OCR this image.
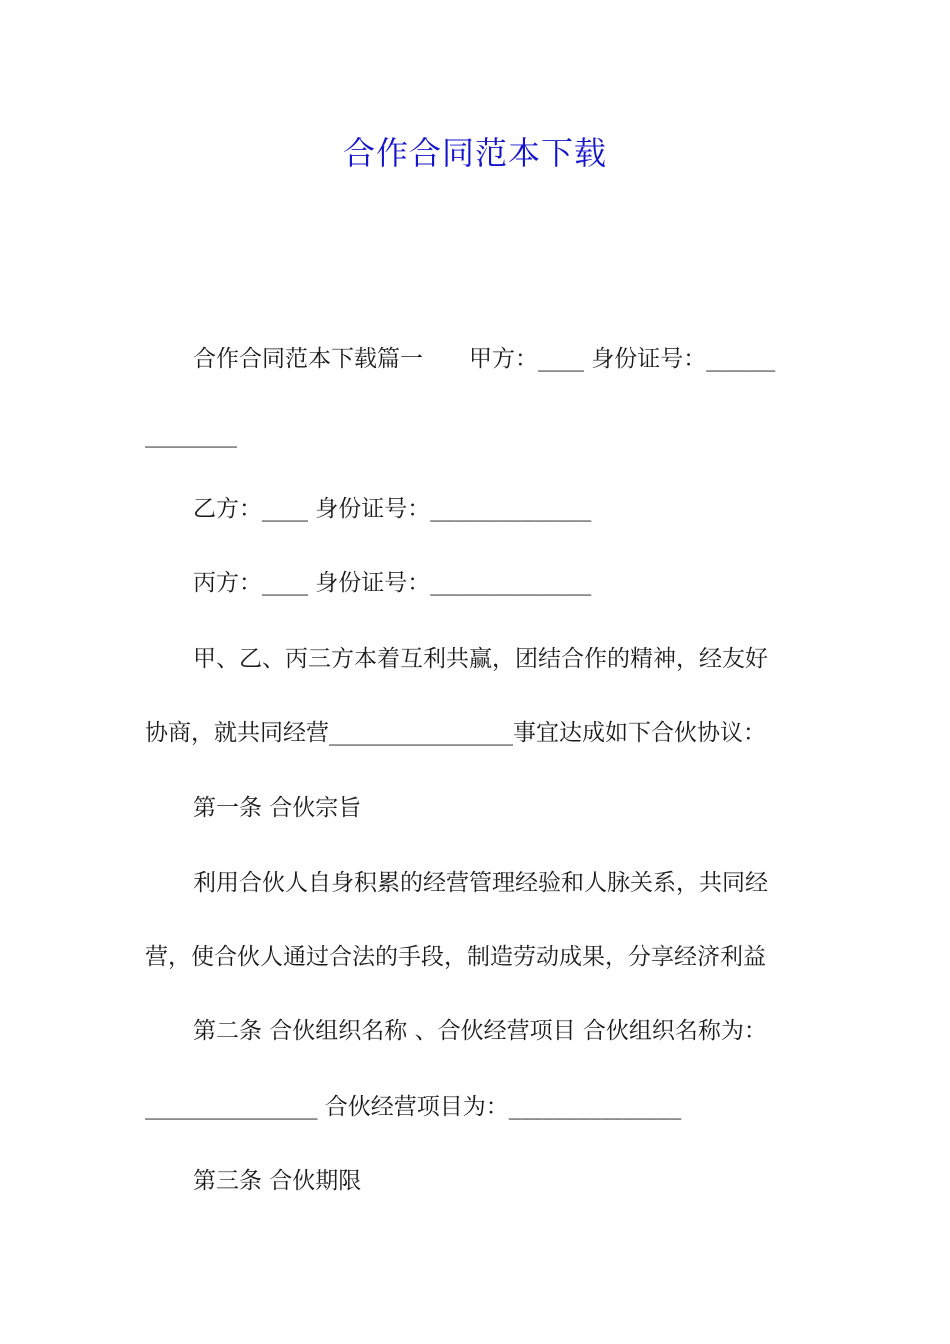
合作合同范本下载
合作合同范本下载篇一　　甲方：____ 身份证号：______
________
乙方：____ 身份证号：______________
丙方：____ 身份证号：______________
甲、乙、丙三方本着互利共赢，团结合作的精神，经友好
协商，就共同经营________________事宜达成如下合伙协议：
第一条 合伙宗旨
利用合伙人自身积累的经营管理经验和人脉关系，共同经
营，使合伙人通过合法的手段，制造劳动成果，分享经济利益
第二条 合伙组织名称 、合伙经营项目 合伙组织名称为：
_______________ 合伙经营项目为：_______________
第三条 合伙期限
